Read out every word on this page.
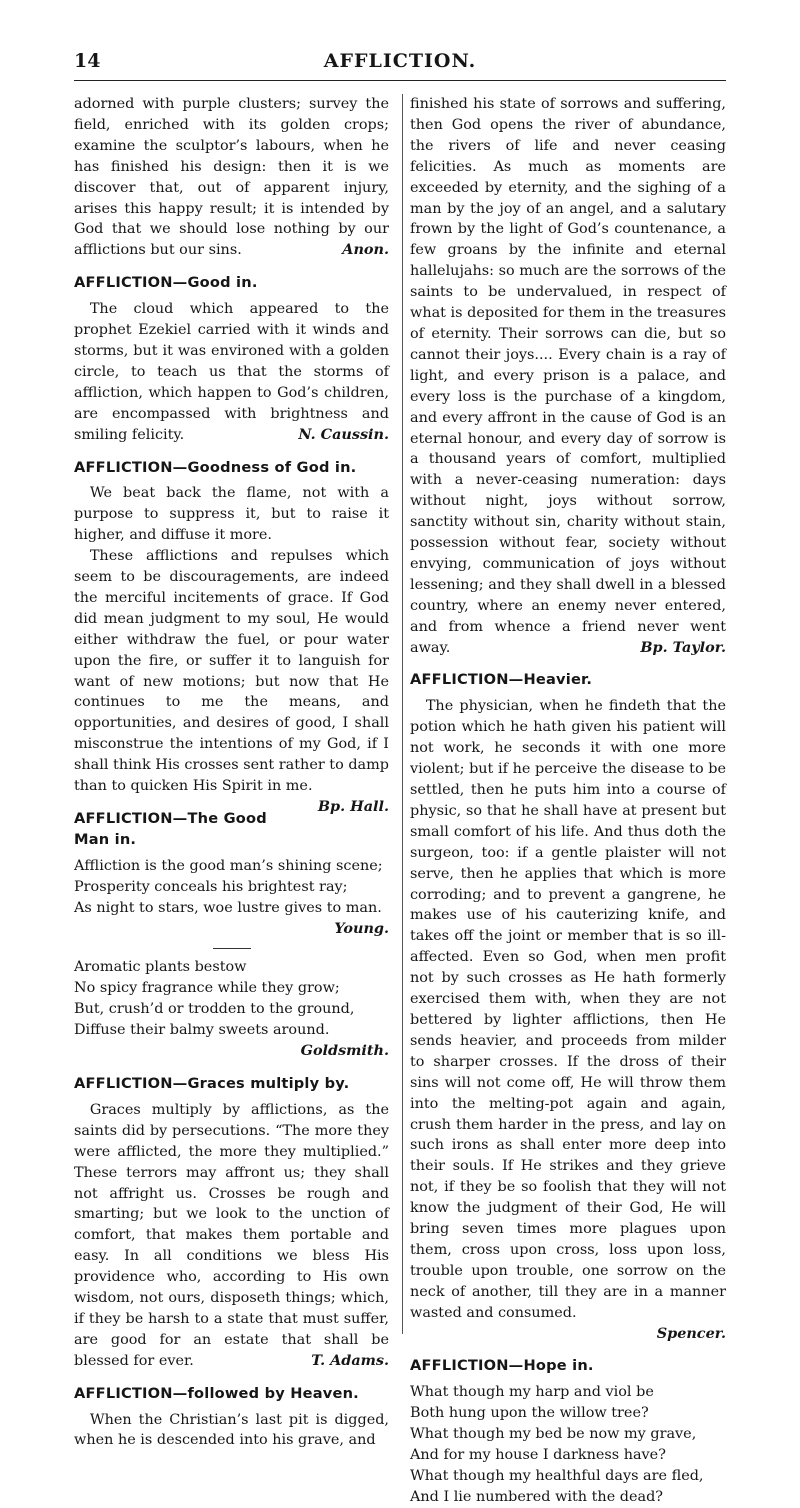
14	AFFLICTION.

adorned with purple clusters; survey the field, enriched with its golden crops; examine the sculptor’s labours, when he has finished his design: then it is we discover that, out of apparent injury, arises this happy result; it is intended by God that we should lose nothing by our afflictions but our sins.	Anon.

AFFLICTION—Good in.

The cloud which appeared to the prophet Ezekiel carried with it winds and storms, but it was environed with a golden circle, to teach us that the storms of affliction, which happen to God’s children, are encompassed with brightness and smiling felicity.	N. Caussin.

AFFLICTION—Goodness of God in.

We beat back the flame, not with a purpose to suppress it, but to raise it higher, and diffuse it more.

These afflictions and repulses which seem to be discouragements, are indeed the merciful incitements of grace. If God did mean judgment to my soul, He would either withdraw the fuel, or pour water upon the fire, or suffer it to languish for want of new motions; but now that He continues to me the means, and opportunities, and desires of good, I shall misconstrue the intentions of my God, if I shall think His crosses sent rather to damp than to quicken His Spirit in me.
Bp. Hall.

AFFLICTION—The Good Man in.
Affliction is the good man’s shining scene;
Prosperity conceals his brightest ray;
As night to stars, woe lustre gives to man.
Young.
Aromatic plants bestow
No spicy fragrance while they grow;
But, crush’d or trodden to the ground,
Diffuse their balmy sweets around.
Goldsmith.
AFFLICTION—Graces multiply by.

Graces multiply by afflictions, as the saints did by persecutions. “The more they were afflicted, the more they multiplied.” These terrors may affront us; they shall not affright us. Crosses be rough and smarting; but we look to the unction of comfort, that makes them portable and easy. In all conditions we bless His providence who, according to His own wisdom, not ours, disposeth things; which, if they be harsh to a state that must suffer, are good for an estate that shall be blessed for ever.	T. Adams.

AFFLICTION—followed by Heaven.

When the Christian’s last pit is digged, when he is descended into his grave, and

finished his state of sorrows and suffering, then God opens the river of abundance, the rivers of life and never ceasing felicities. As much as moments are exceeded by eternity, and the sighing of a man by the joy of an angel, and a salutary frown by the light of God’s countenance, a few groans by the infinite and eternal hallelujahs: so much are the sorrows of the saints to be undervalued, in respect of what is deposited for them in the treasures of eternity. Their sorrows can die, but so cannot their joys.... Every chain is a ray of light, and every prison is a palace, and every loss is the purchase of a kingdom, and every affront in the cause of God is an eternal honour, and every day of sorrow is a thousand years of comfort, multiplied with a never-ceasing numeration: days without night, joys without sorrow, sanctity without sin, charity without stain, possession without fear, society without envying, communication of joys without lessening; and they shall dwell in a blessed country, where an enemy never entered, and from whence a friend never went away.	Bp. Taylor.

AFFLICTION—Heavier.

The physician, when he findeth that the potion which he hath given his patient will not work, he seconds it with one more violent; but if he perceive the disease to be settled, then he puts him into a course of physic, so that he shall have at present but small comfort of his life. And thus doth the surgeon, too: if a gentle plaister will not serve, then he applies that which is more corroding; and to prevent a gangrene, he makes use of his cauterizing knife, and takes off the joint or member that is so ill-affected. Even so God, when men profit not by such crosses as He hath formerly exercised them with, when they are not bettered by lighter afflictions, then He sends heavier, and proceeds from milder to sharper crosses. If the dross of their sins will not come off, He will throw them into the melting-pot again and again, crush them harder in the press, and lay on such irons as shall enter more deep into their souls. If He strikes and they grieve not, if they be so foolish that they will not know the judgment of their God, He will bring seven times more plagues upon them, cross upon cross, loss upon loss, trouble upon trouble, one sorrow on the neck of another, till they are in a manner wasted and consumed.

Spencer.
AFFLICTION—Hope in.
What though my harp and viol be
Both hung upon the willow tree?
What though my bed be now my grave,
And for my house I darkness have?
What though my healthful days are fled,
And I lie numbered with the dead?
